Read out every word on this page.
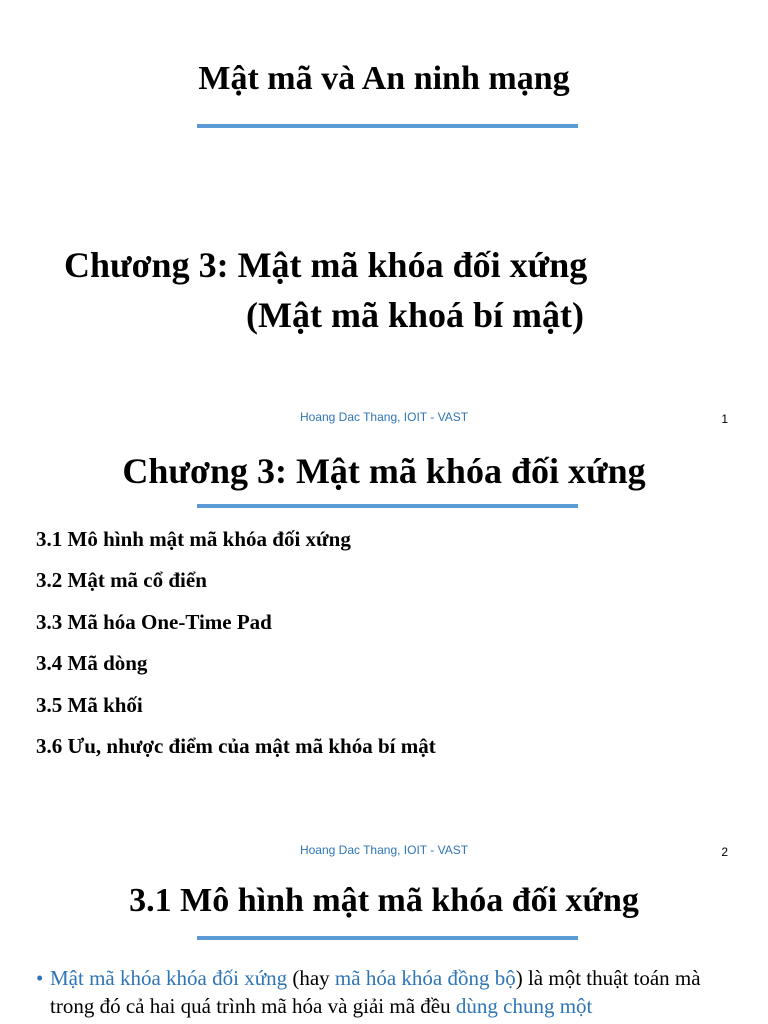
Mật mã và An ninh mạng
Chương 3: Mật mã khóa đối xứng
(Mật mã khoá bí mật)
Hoang Dac Thang, IOIT - VAST	1
Chương 3: Mật mã khóa đối xứng
3.1 Mô hình mật mã khóa đối xứng
3.2 Mật mã cổ điển
3.3 Mã hóa One-Time Pad
3.4 Mã dòng
3.5 Mã khối
3.6 Ưu, nhược điểm của mật mã khóa bí mật
Hoang Dac Thang, IOIT - VAST	2
3.1 Mô hình mật mã khóa đối xứng
• Mật mã khóa khóa đối xứng (hay mã hóa khóa đồng bộ) là một thuật toán mà trong đó cả hai quá trình mã hóa và giải mã đều dùng chung một
